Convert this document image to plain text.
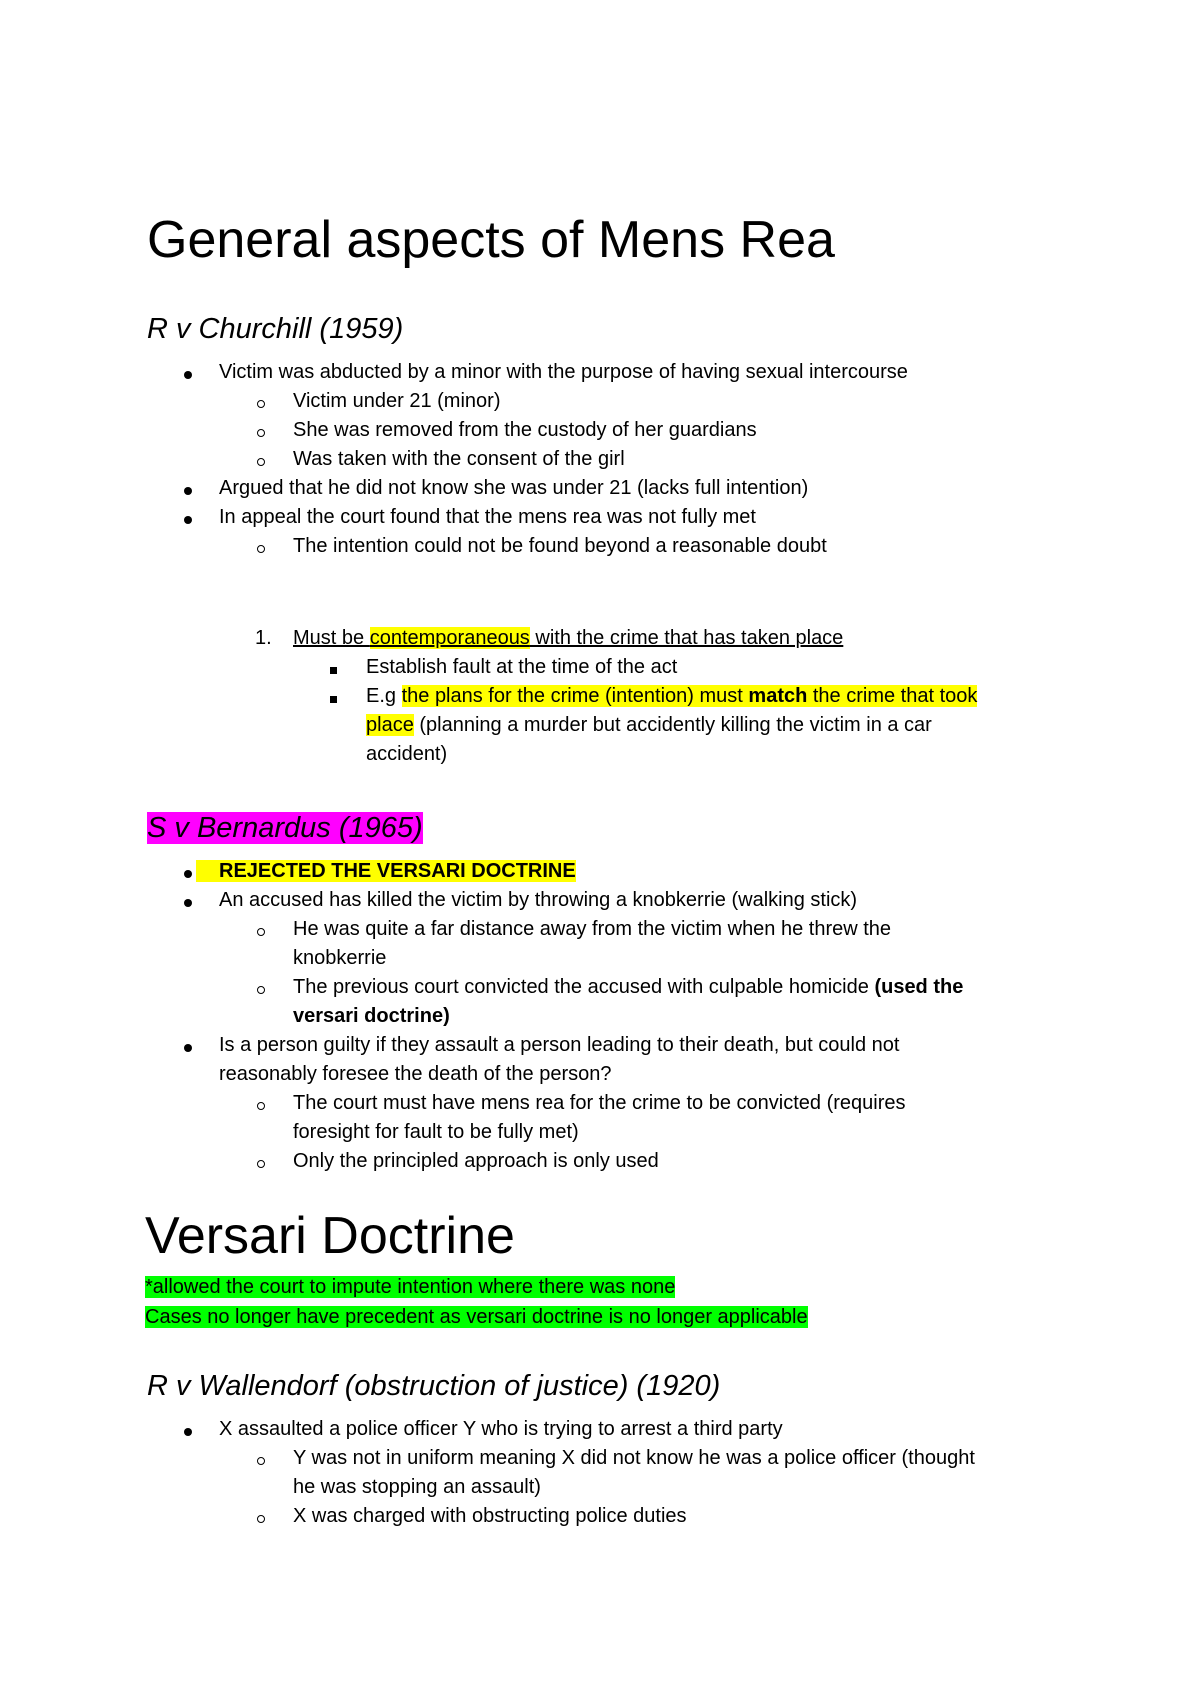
General aspects of Mens Rea
R v Churchill (1959)
Victim was abducted by a minor with the purpose of having sexual intercourse
Victim under 21 (minor)
She was removed from the custody of her guardians
Was taken with the consent of the girl
Argued that he did not know she was under 21 (lacks full intention)
In appeal the court found that the mens rea was not fully met
The intention could not be found beyond a reasonable doubt
1. Must be contemporaneous with the crime that has taken place
Establish fault at the time of the act
E.g the plans for the crime (intention) must match the crime that took
place (planning a murder but accidently killing the victim in a car
accident)
S v Bernardus (1965)
REJECTED THE VERSARI DOCTRINE
An accused has killed the victim by throwing a knobkerrie (walking stick)
He was quite a far distance away from the victim when he threw the
knobkerrie
The previous court convicted the accused with culpable homicide (used the
versari doctrine)
Is a person guilty if they assault a person leading to their death, but could not
reasonably foresee the death of the person?
The court must have mens rea for the crime to be convicted (requires
foresight for fault to be fully met)
Only the principled approach is only used
Versari Doctrine
*allowed the court to impute intention where there was none
Cases no longer have precedent as versari doctrine is no longer applicable
R v Wallendorf (obstruction of justice) (1920)
X assaulted a police officer Y who is trying to arrest a third party
Y was not in uniform meaning X did not know he was a police officer (thought
he was stopping an assault)
X was charged with obstructing police duties
